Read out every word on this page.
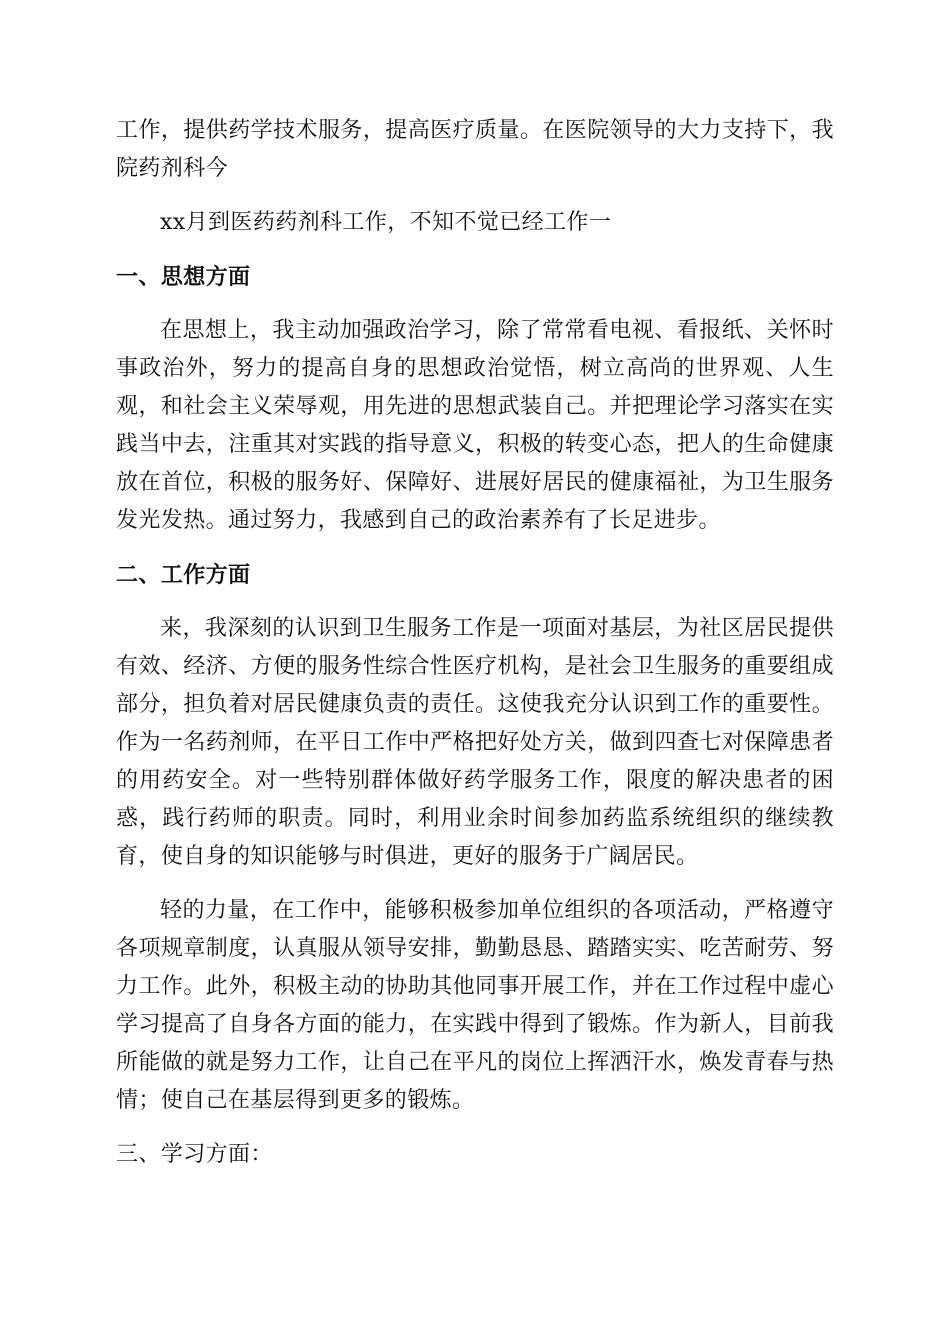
工作，提供药学技术服务，提高医疗质量。在医院领导的大力支持下，我院药剂科今

xx月到医药药剂科工作，不知不觉已经工作一

一、思想方面

在思想上，我主动加强政治学习，除了常常看电视、看报纸、关怀时事政治外，努力的提高自身的思想政治觉悟，树立高尚的世界观、人生观，和社会主义荣辱观，用先进的思想武装自己。并把理论学习落实在实践当中去，注重其对实践的指导意义，积极的转变心态，把人的生命健康放在首位，积极的服务好、保障好、进展好居民的健康福祉，为卫生服务发光发热。通过努力，我感到自己的政治素养有了长足进步。

二、工作方面

来，我深刻的认识到卫生服务工作是一项面对基层，为社区居民提供有效、经济、方便的服务性综合性医疗机构，是社会卫生服务的重要组成部分，担负着对居民健康负责的责任。这使我充分认识到工作的重要性。作为一名药剂师，在平日工作中严格把好处方关，做到四查七对保障患者的用药安全。对一些特别群体做好药学服务工作，限度的解决患者的困惑，践行药师的职责。同时，利用业余时间参加药监系统组织的继续教育，使自身的知识能够与时俱进，更好的服务于广阔居民。

轻的力量，在工作中，能够积极参加单位组织的各项活动，严格遵守各项规章制度，认真服从领导安排，勤勤恳恳、踏踏实实、吃苦耐劳、努力工作。此外，积极主动的协助其他同事开展工作，并在工作过程中虚心学习提高了自身各方面的能力，在实践中得到了锻炼。作为新人，目前我所能做的就是努力工作，让自己在平凡的岗位上挥洒汗水，焕发青春与热情；使自己在基层得到更多的锻炼。

三、学习方面：
